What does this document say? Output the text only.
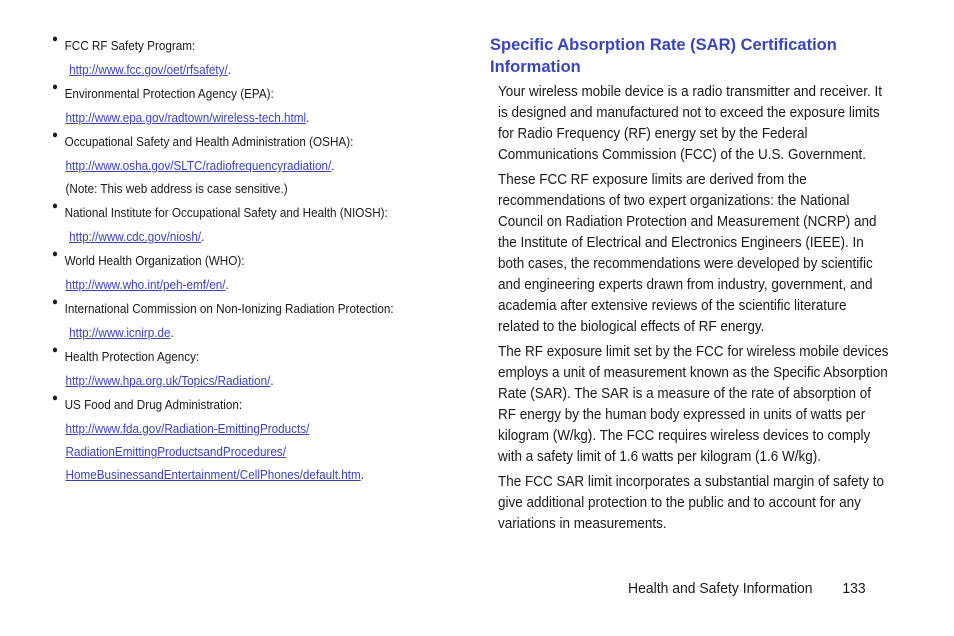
● FCC RF Safety Program:
http://www.fcc.gov/oet/rfsafety/.
● Environmental Protection Agency (EPA):
http://www.epa.gov/radtown/wireless-tech.html.
● Occupational Safety and Health Administration (OSHA):
http://www.osha.gov/SLTC/radiofrequencyradiation/.
(Note: This web address is case sensitive.)
● National Institute for Occupational Safety and Health (NIOSH):
http://www.cdc.gov/niosh/.
● World Health Organization (WHO):
http://www.who.int/peh-emf/en/.
● International Commission on Non-Ionizing Radiation Protection:
http://www.icnirp.de.
● Health Protection Agency:
http://www.hpa.org.uk/Topics/Radiation/.
● US Food and Drug Administration:
http://www.fda.gov/Radiation-EmittingProducts/
RadiationEmittingProductsandProcedures/
HomeBusinessandEntertainment/CellPhones/default.htm.
Specific Absorption Rate (SAR) Certification Information

Your wireless mobile device is a radio transmitter and receiver. It is designed and manufactured not to exceed the exposure limits for Radio Frequency (RF) energy set by the Federal Communications Commission (FCC) of the U.S. Government.

These FCC RF exposure limits are derived from the recommendations of two expert organizations: the National Council on Radiation Protection and Measurement (NCRP) and the Institute of Electrical and Electronics Engineers (IEEE). In both cases, the recommendations were developed by scientific and engineering experts drawn from industry, government, and academia after extensive reviews of the scientific literature related to the biological effects of RF energy.

The RF exposure limit set by the FCC for wireless mobile devices employs a unit of measurement known as the Specific Absorption Rate (SAR). The SAR is a measure of the rate of absorption of RF energy by the human body expressed in units of watts per kilogram (W/kg). The FCC requires wireless devices to comply with a safety limit of 1.6 watts per kilogram (1.6 W/kg).

The FCC SAR limit incorporates a substantial margin of safety to give additional protection to the public and to account for any variations in measurements.

Health and Safety Information 133
